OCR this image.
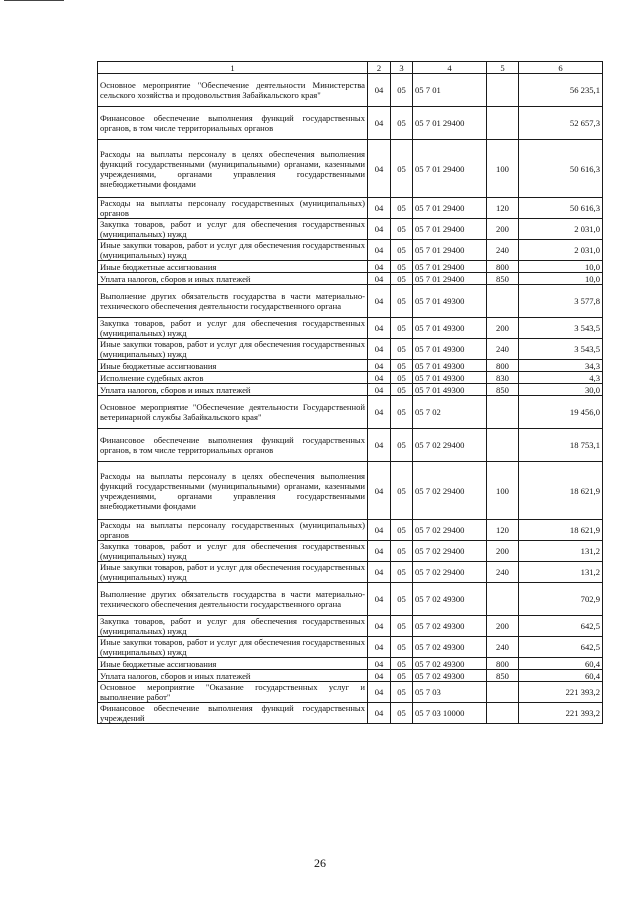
1	2	3	4	5	6
Основное мероприятие "Обеспечение деятельности Министерства сельского хозяйства и продовольствия Забайкальского края"	04	05	05 7 01		56 235,1
Финансовое обеспечение выполнения функций государственных органов, в том числе территориальных органов	04	05	05 7 01 29400		52 657,3
Расходы на выплаты персоналу в целях обеспечения выполнения функций государственными (муниципальными) органами, казенными учреждениями, органами управления государственными внебюджетными фондами	04	05	05 7 01 29400	100	50 616,3
Расходы на выплаты персоналу государственных (муниципальных) органов	04	05	05 7 01 29400	120	50 616,3
Закупка товаров, работ и услуг для обеспечения государственных (муниципальных) нужд	04	05	05 7 01 29400	200	2 031,0
Иные закупки товаров, работ и услуг для обеспечения государственных (муниципальных) нужд	04	05	05 7 01 29400	240	2 031,0
Иные бюджетные ассигнования	04	05	05 7 01 29400	800	10,0
Уплата налогов, сборов и иных платежей	04	05	05 7 01 29400	850	10,0
Выполнение других обязательств государства в части материально-технического обеспечения деятельности государственного органа	04	05	05 7 01 49300		3 577,8
Закупка товаров, работ и услуг для обеспечения государственных (муниципальных) нужд	04	05	05 7 01 49300	200	3 543,5
Иные закупки товаров, работ и услуг для обеспечения государственных (муниципальных) нужд	04	05	05 7 01 49300	240	3 543,5
Иные бюджетные ассигнования	04	05	05 7 01 49300	800	34,3
Исполнение судебных актов	04	05	05 7 01 49300	830	4,3
Уплата налогов, сборов и иных платежей	04	05	05 7 01 49300	850	30,0
Основное мероприятие "Обеспечение деятельности Государственной ветеринарной службы Забайкальского края"	04	05	05 7 02		19 456,0
Финансовое обеспечение выполнения функций государственных органов, в том числе территориальных органов	04	05	05 7 02 29400		18 753,1
Расходы на выплаты персоналу в целях обеспечения выполнения функций государственными (муниципальными) органами, казенными учреждениями, органами управления государственными внебюджетными фондами	04	05	05 7 02 29400	100	18 621,9
Расходы на выплаты персоналу государственных (муниципальных) органов	04	05	05 7 02 29400	120	18 621,9
Закупка товаров, работ и услуг для обеспечения государственных (муниципальных) нужд	04	05	05 7 02 29400	200	131,2
Иные закупки товаров, работ и услуг для обеспечения государственных (муниципальных) нужд	04	05	05 7 02 29400	240	131,2
Выполнение других обязательств государства в части материально-технического обеспечения деятельности государственного органа	04	05	05 7 02 49300		702,9
Закупка товаров, работ и услуг для обеспечения государственных (муниципальных) нужд	04	05	05 7 02 49300	200	642,5
Иные закупки товаров, работ и услуг для обеспечения государственных (муниципальных) нужд	04	05	05 7 02 49300	240	642,5
Иные бюджетные ассигнования	04	05	05 7 02 49300	800	60,4
Уплата налогов, сборов и иных платежей	04	05	05 7 02 49300	850	60,4
Основное мероприятие "Оказание государственных услуг и выполнение работ"	04	05	05 7 03		221 393,2
Финансовое обеспечение выполнения функций государственных учреждений	04	05	05 7 03 10000		221 393,2
26
